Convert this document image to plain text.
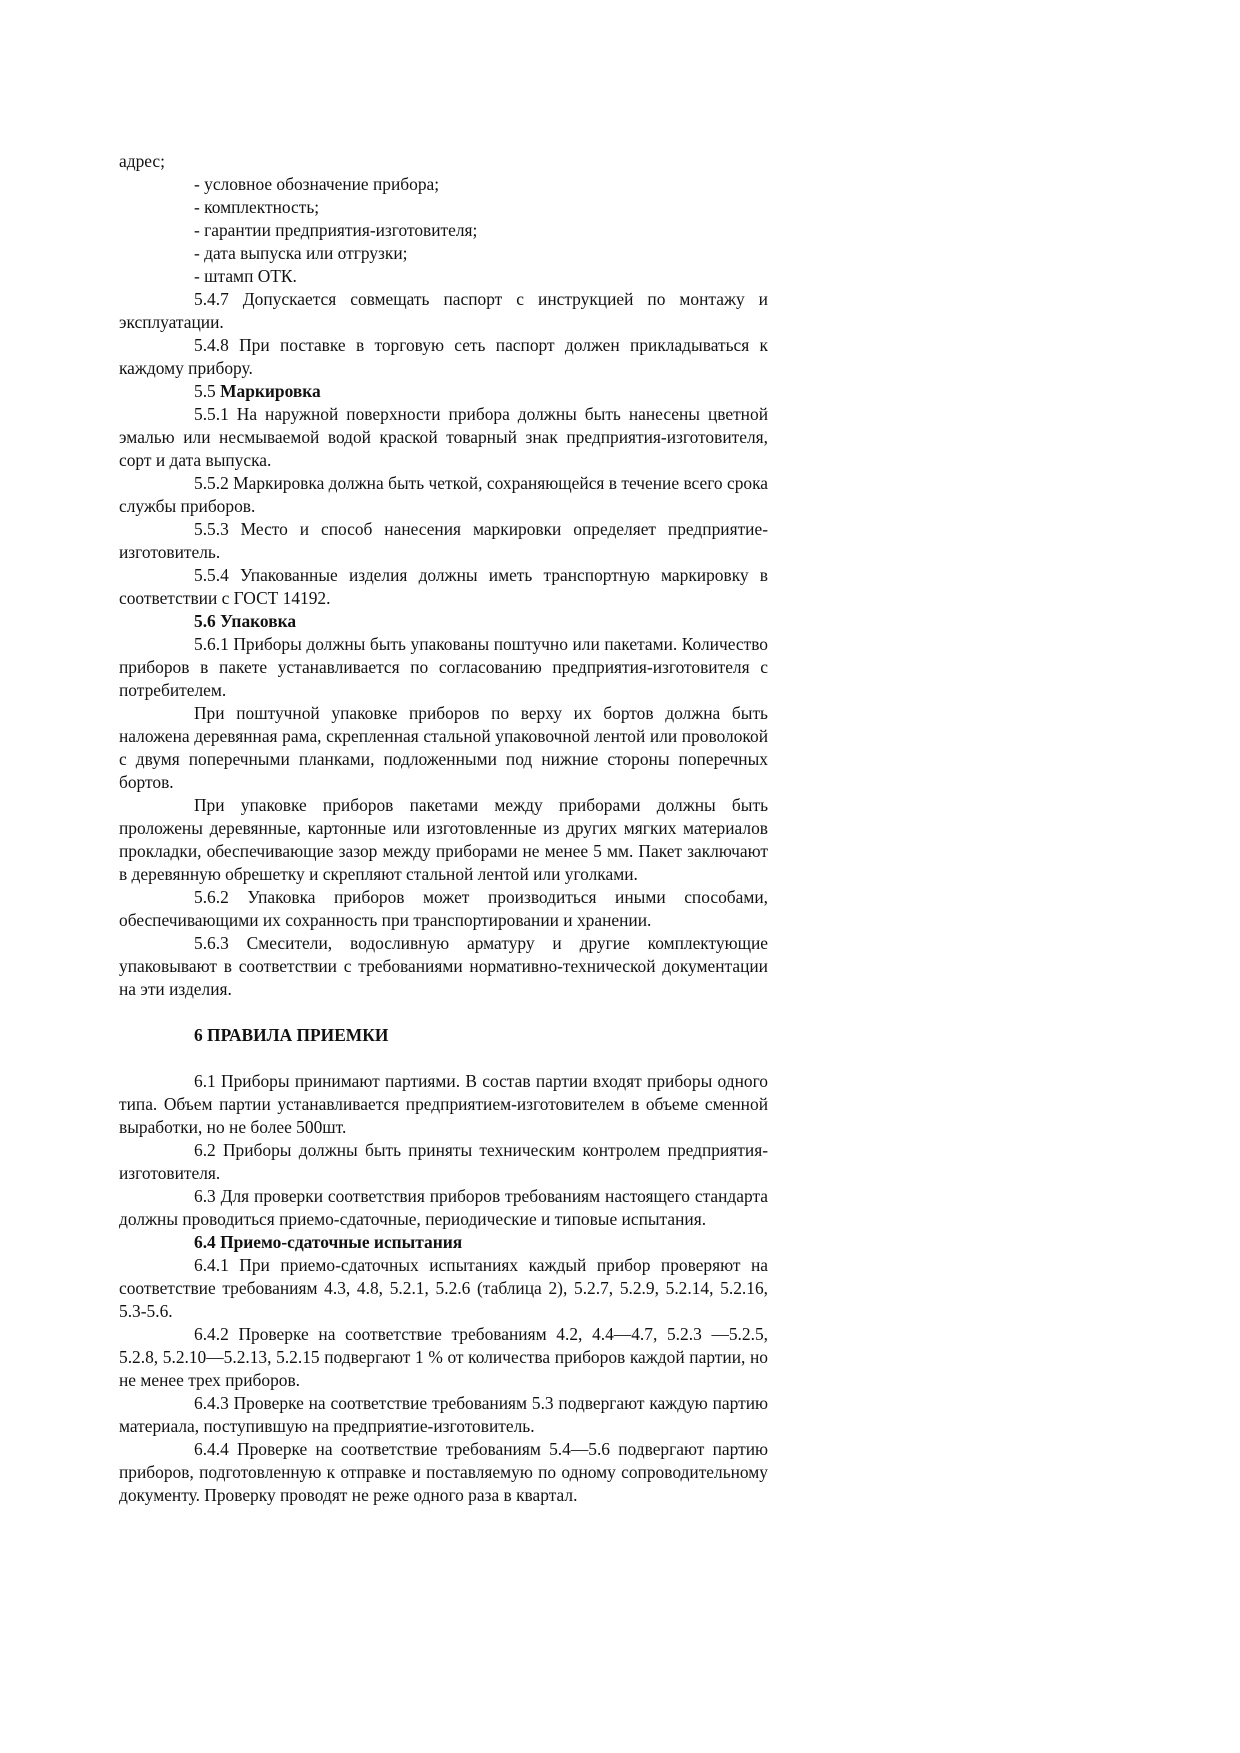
адрес;

- условное обозначение прибора;

- комплектность;

- гарантии предприятия-изготовителя;

- дата выпуска или отгрузки;

- штамп ОТК.

5.4.7 Допускается совмещать паспорт с инструкцией по монтажу и эксплуатации.

5.4.8 При поставке в торговую сеть паспорт должен прикладываться к каждому прибору.

5.5 Маркировка

5.5.1 На наружной поверхности прибора должны быть нанесены цветной эмалью или несмываемой водой краской товарный знак предприятия-изготовителя, сорт и дата выпуска.

5.5.2 Маркировка должна быть четкой, сохраняющейся в течение всего срока службы приборов.

5.5.3 Место и способ нанесения маркировки определяет предприятие-изготовитель.

5.5.4 Упакованные изделия должны иметь транспортную маркировку в соответствии с ГОСТ 14192.

5.6 Упаковка

5.6.1 Приборы должны быть упакованы поштучно или пакетами. Количество приборов в пакете устанавливается по согласованию предприятия-изготовителя с потребителем.

При поштучной упаковке приборов по верху их бортов должна быть наложена деревянная рама, скрепленная стальной упаковочной лентой или проволокой с двумя поперечными планками, подложенными под нижние стороны поперечных бортов.

При упаковке приборов пакетами между приборами должны быть проложены деревянные, картонные или изготовленные из других мягких материалов прокладки, обеспечивающие зазор между приборами не менее 5 мм. Пакет заключают в деревянную обрешетку и скрепляют стальной лентой или уголками.

5.6.2 Упаковка приборов может производиться иными способами, обеспечивающими их сохранность при транспортировании и хранении.

5.6.3 Смесители, водосливную арматуру и другие комплектующие упаковывают в соответствии с требованиями нормативно-технической документации на эти изделия.

6 ПРАВИЛА ПРИЕМКИ

6.1 Приборы принимают партиями. В состав партии входят приборы одного типа. Объем партии устанавливается предприятием-изготовителем в объеме сменной выработки, но не более 500шт.

6.2 Приборы должны быть приняты техническим контролем предприятия-изготовителя.

6.3 Для проверки соответствия приборов требованиям настоящего стандарта должны проводиться приемо-сдаточные, периодические и типовые испытания.

6.4 Приемо-сдаточные испытания

6.4.1 При приемо-сдаточных испытаниях каждый прибор проверяют на соответствие требованиям 4.3, 4.8, 5.2.1, 5.2.6 (таблица 2), 5.2.7, 5.2.9, 5.2.14, 5.2.16, 5.3-5.6.

6.4.2 Проверке на соответствие требованиям 4.2, 4.4—4.7, 5.2.3 —5.2.5, 5.2.8, 5.2.10—5.2.13, 5.2.15 подвергают 1 % от количества приборов каждой партии, но не менее трех приборов.

6.4.3 Проверке на соответствие требованиям 5.3 подвергают каждую партию материала, поступившую на предприятие-изготовитель.

6.4.4 Проверке на соответствие требованиям 5.4—5.6 подвергают партию приборов, подготовленную к отправке и поставляемую по одному сопроводительному документу. Проверку проводят не реже одного раза в квартал.
